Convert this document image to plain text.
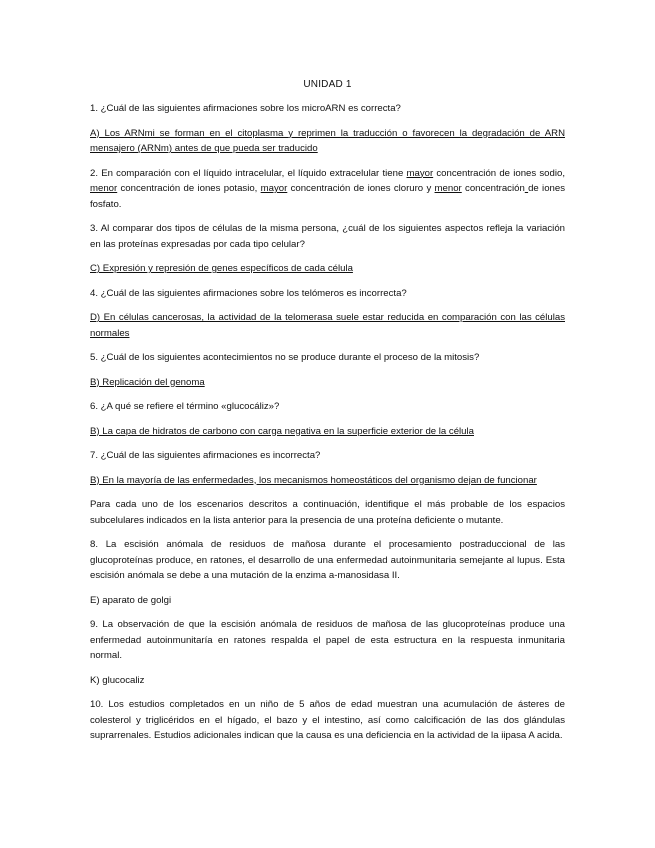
UNIDAD 1

1. ¿Cuál de las siguientes afirmaciones sobre los microARN es correcta?

A) Los ARNmi se forman en el citoplasma y reprimen la traducción o favorecen la degradación de ARN mensajero (ARNm) antes de que pueda ser traducido

2. En comparación con el líquido intracelular, el líquido extracelular tiene mayor concentración de iones sodio, menor concentración de iones potasio, mayor concentración de iones cloruro y menor concentración de iones fosfato.

3. Al comparar dos tipos de células de la misma persona, ¿cuál de los siguientes aspectos refleja la variación en las proteínas expresadas por cada tipo celular?

C) Expresión y represión de genes específicos de cada célula

4. ¿Cuál de las siguientes afirmaciones sobre los telómeros es incorrecta?

D) En células cancerosas, la actividad de la telomerasa suele estar reducida en comparación con las células normales

5. ¿Cuál de los siguientes acontecimientos no se produce durante el proceso de la mitosis?

B) Replicación del genoma

6. ¿A qué se refiere el término «glucocáliz»?

B) La capa de hidratos de carbono con carga negativa en la superficie exterior de la célula

7. ¿Cuál de las siguientes afirmaciones es incorrecta?

B) En la mayoría de las enfermedades, los mecanismos homeostáticos del organismo dejan de funcionar

Para cada uno de los escenarios descritos a continuación, identifique el más probable de los espacios subcelulares indicados en la lista anterior para la presencia de una proteína deficiente o mutante.

8. La escisión anómala de residuos de mañosa durante el procesamiento postraduccional de las glucoproteínas produce, en ratones, el desarrollo de una enfermedad autoinmunitaria semejante al lupus. Esta escisión anómala se debe a una mutación de la enzima a-manosidasa II.

E) aparato de golgi

9. La observación de que la escisión anómala de residuos de mañosa de las glucoproteínas produce una enfermedad autoinmunitaría en ratones respalda el papel de esta estructura en la respuesta inmunitaria normal.

K) glucocaliz

10. Los estudios completados en un niño de 5 años de edad muestran una acumulación de ásteres de colesterol y triglicéridos en el hígado, el bazo y el intestino, así como calcificación de las dos glándulas suprarrenales. Estudios adicionales indican que la causa es una deficiencia en la actividad de la iipasa A acida.
